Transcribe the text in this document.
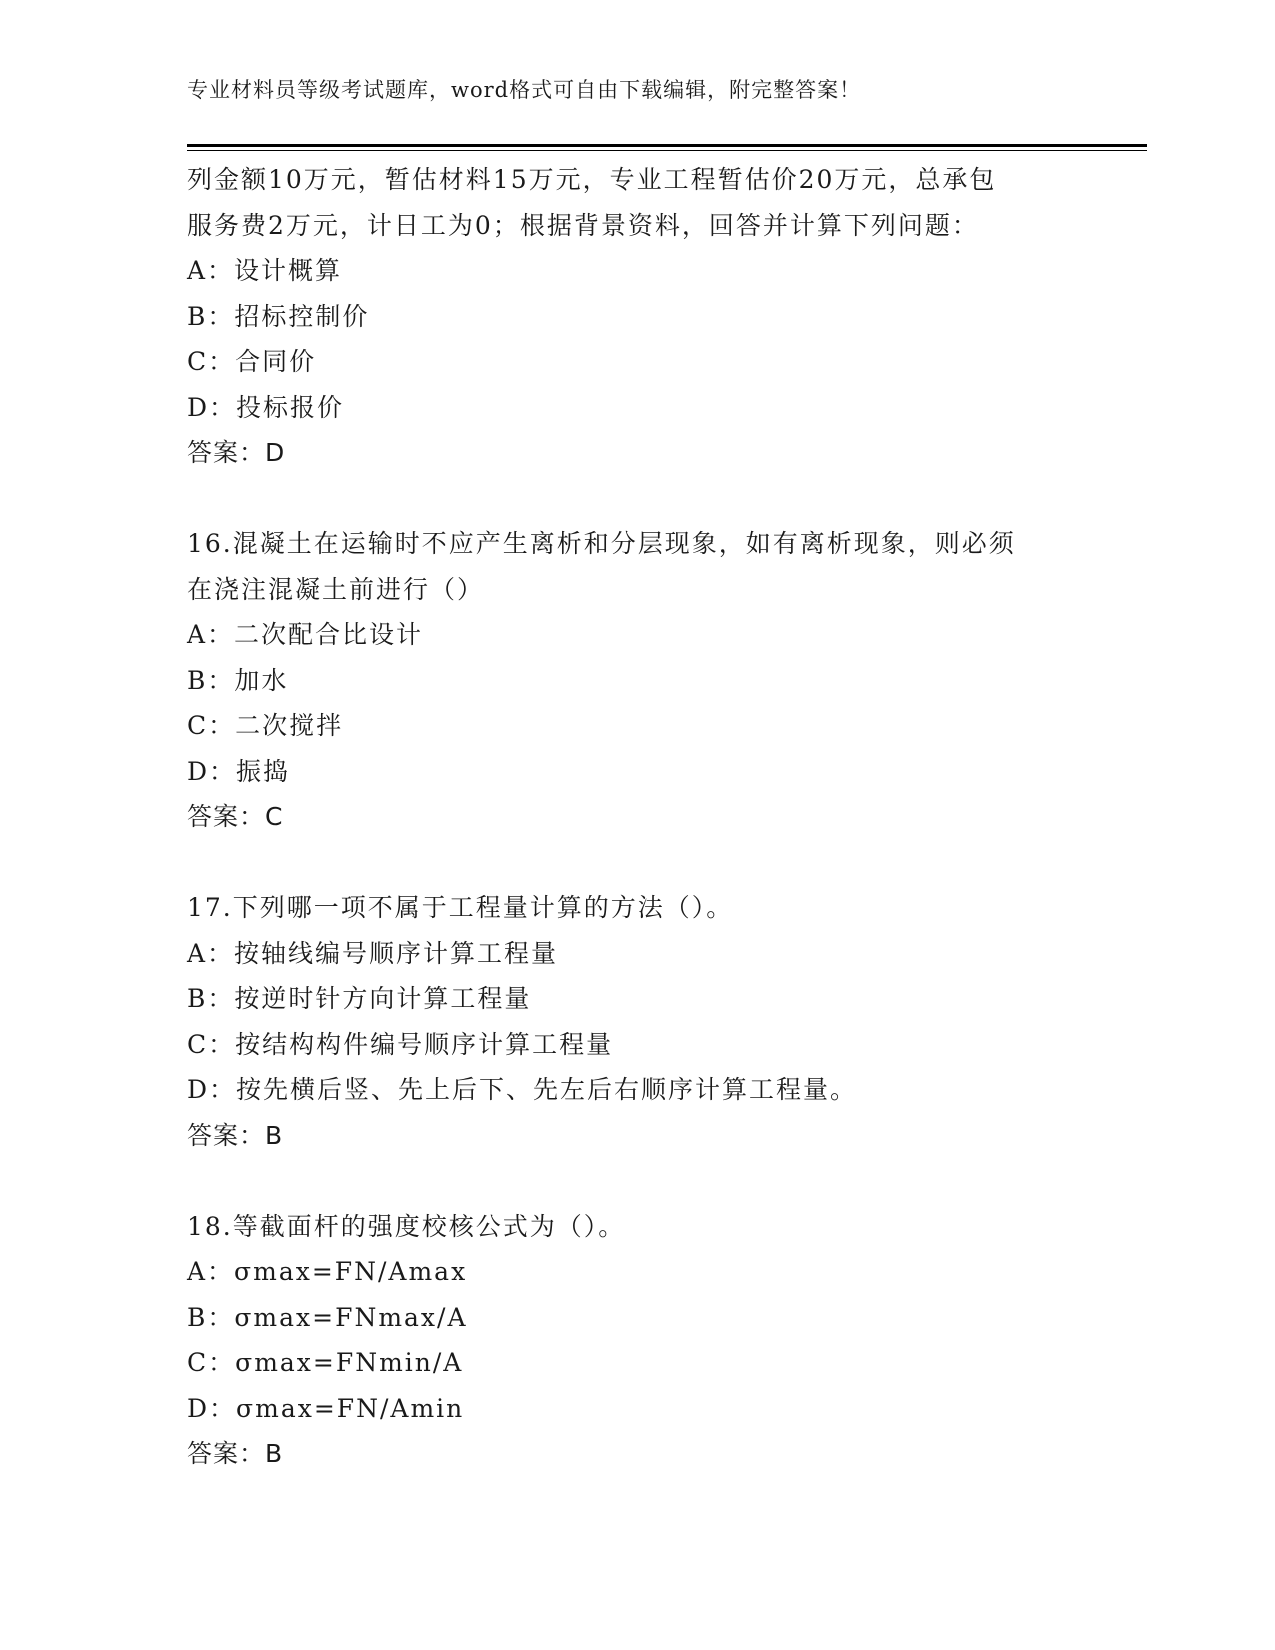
专业材料员等级考试题库，word格式可自由下载编辑，附完整答案！
列金额10万元，暂估材料15万元，专业工程暂估价20万元，总承包
服务费2万元，计日工为0；根据背景资料，回答并计算下列问题：
A：设计概算
B：招标控制价
C：合同价
D：投标报价
答案：D
16.混凝土在运输时不应产生离析和分层现象，如有离析现象，则必须
在浇注混凝土前进行（）
A：二次配合比设计
B：加水
C：二次搅拌
D：振捣
答案：C
17.下列哪一项不属于工程量计算的方法（）。
A：按轴线编号顺序计算工程量
B：按逆时针方向计算工程量
C：按结构构件编号顺序计算工程量
D：按先横后竖、先上后下、先左后右顺序计算工程量。
答案：B
18.等截面杆的强度校核公式为（）。
A：σmax=FN/Amax
B：σmax=FNmax/A
C：σmax=FNmin/A
D：σmax=FN/Amin
答案：B
